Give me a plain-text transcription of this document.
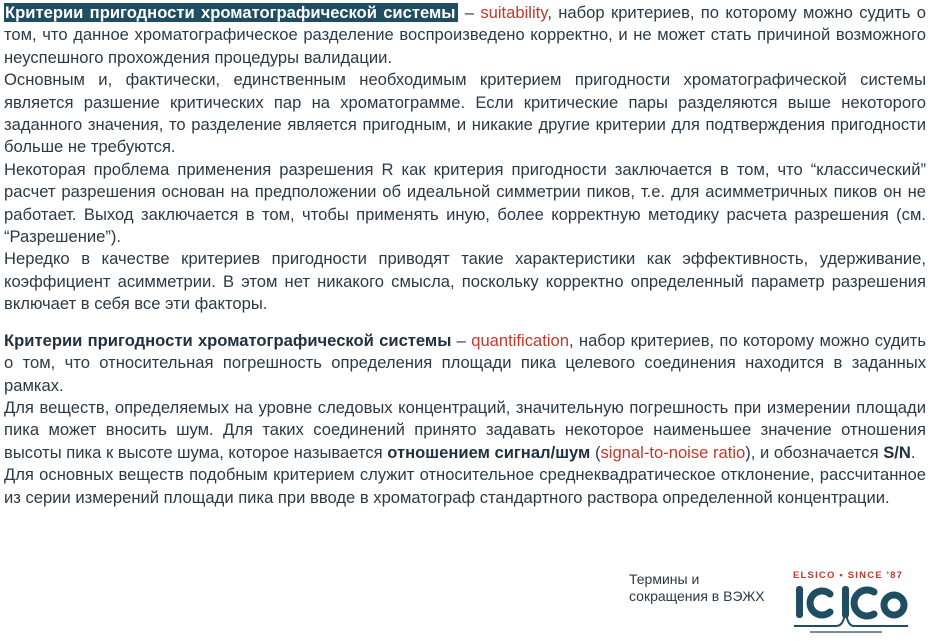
Критерии пригодности хроматографической системы – suitability, набор критериев, по которому можно судить о том, что данное хроматографическое разделение воспроизведено корректно, и не может стать причиной возможного неуспешного прохождения процедуры валидации.

Основным и, фактически, единственным необходимым критерием пригодности хроматографической системы является разшение критических пар на хроматограмме. Если критические пары разделяются выше некоторого заданного значения, то разделение является пригодным, и никакие другие критерии для подтверждения пригодности больше не требуются.

Некоторая проблема применения разрешения R как критерия пригодности заключается в том, что “классический” расчет разрешения основан на предположении об идеальной симметрии пиков, т.е. для асимметричных пиков он не работает. Выход заключается в том, чтобы применять иную, более корректную методику расчета разрешения (см. “Разрешение”).

Нередко в качестве критериев пригодности приводят такие характеристики как эффективность, удерживание, коэффициент асимметрии. В этом нет никакого смысла, поскольку корректно определенный параметр разрешения включает в себя все эти факторы.

Критерии пригодности хроматографической системы – quantification, набор критериев, по которому можно судить о том, что относительная погрешность определения площади пика целевого соединения находится в заданных рамках.

Для веществ, определяемых на уровне следовых концентраций, значительную погрешность при измерении площади пика может вносить шум. Для таких соединений принято задавать некоторое наименьшее значение отношения высоты пика к высоте шума, которое называется отношением сигнал/шум (signal-to-noise ratio), и обозначается S/N.

Для основных веществ подобным критерием служит относительное среднеквадратическое отклонение, рассчитанное из серии измерений площади пика при вводе в хроматограф стандартного раствора определенной концентрации.

Термины и
сокращения в ВЭЖХ
ELSICO • SINCE '87
